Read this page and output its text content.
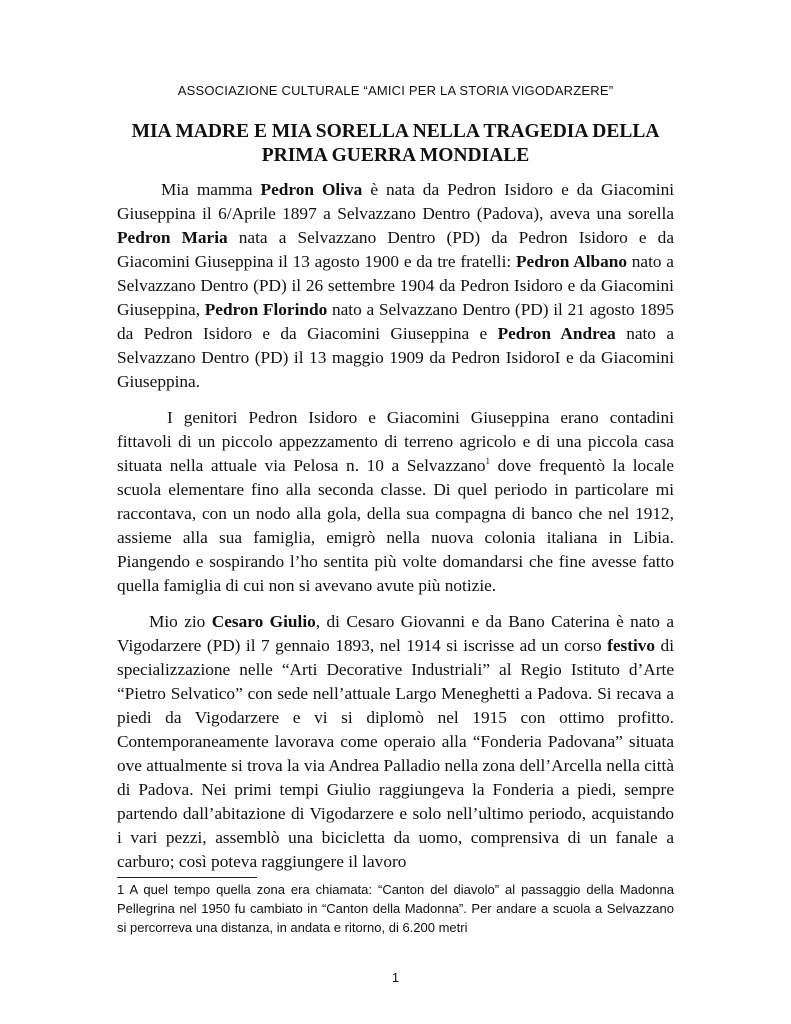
ASSOCIAZIONE CULTURALE “AMICI PER LA STORIA VIGODARZERE”
MIA MADRE E MIA SORELLA NELLA TRAGEDIA DELLA
PRIMA GUERRA MONDIALE

Mia mamma Pedron Oliva è nata da Pedron Isidoro e da Giacomini Giuseppina il 6/Aprile 1897 a Selvazzano Dentro (Padova), aveva una sorella Pedron Maria nata a Selvazzano Dentro (PD) da Pedron Isidoro e da Giacomini Giuseppina il 13 agosto 1900 e da tre fratelli: Pedron Albano nato a Selvazzano Dentro (PD) il 26 settembre 1904 da Pedron Isidoro e da Giacomini Giuseppina, Pedron Florindo nato a Selvazzano Dentro (PD) il 21 agosto 1895 da Pedron Isidoro e da Giacomini Giuseppina e Pedron Andrea nato a Selvazzano Dentro (PD) il 13 maggio 1909 da Pedron IsidoroI e da Giacomini Giuseppina.

I genitori Pedron Isidoro e Giacomini Giuseppina erano contadini fittavoli di un piccolo appezzamento di terreno agricolo e di una piccola casa situata nella attuale via Pelosa n. 10 a Selvazzano$^1$ dove frequentò la locale scuola elementare fino alla seconda classe. Di quel periodo in particolare mi raccontava, con un nodo alla gola, della sua compagna di banco che nel 1912, assieme alla sua famiglia, emigrò nella nuova colonia italiana in Libia. Piangendo e sospirando l’ho sentita più volte domandarsi che fine avesse fatto quella famiglia di cui non si avevano avute più notizie.

Mio zio Cesaro Giulio, di Cesaro Giovanni e da Bano Caterina è nato a Vigodarzere (PD) il 7 gennaio 1893, nel 1914 si iscrisse ad un corso festivo di specializzazione nelle “Arti Decorative Industriali” al Regio Istituto d’Arte “Pietro Selvatico” con sede nell’attuale Largo Meneghetti a Padova. Si recava a piedi da Vigodarzere e vi si diplomò nel 1915 con ottimo profitto. Contemporaneamente lavorava come operaio alla “Fonderia Padovana” situata ove attualmente si trova la via Andrea Palladio nella zona dell’Arcella nella città di Padova. Nei primi tempi Giulio raggiungeva la Fonderia a piedi, sempre partendo dall’abitazione di Vigodarzere e solo nell’ultimo periodo, acquistando i vari pezzi, assemblò una bicicletta da uomo, comprensiva di un fanale a carburo; così poteva raggiungere il lavoro

1 A quel tempo quella zona era chiamata: “Canton del diavolo” al passaggio della Madonna Pellegrina nel 1950 fu cambiato in “Canton della Madonna”. Per andare a scuola a Selvazzano si percorreva una distanza, in andata e ritorno, di 6.200 metri
1
